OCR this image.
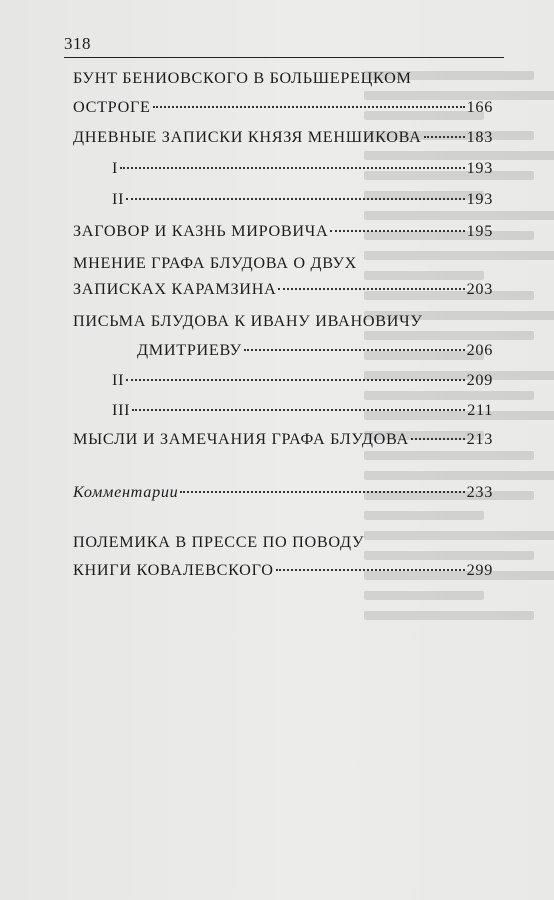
318
БУНТ БЕНИОВСКОГО В БОЛЬШЕРЕЦКОМ
ОСТРОГЕ	166
ДНЕВНЫЕ ЗАПИСКИ КНЯЗЯ МЕНШИКОВА	183
I	193
II	193
ЗАГОВОР И КАЗНЬ МИРОВИЧА	195
МНЕНИЕ ГРАФА БЛУДОВА О ДВУХ
ЗАПИСКАХ КАРАМЗИНА	203
ПИСЬМА БЛУДОВА К ИВАНУ ИВАНОВИЧУ
ДМИТРИЕВУ	206
II	209
III	211
МЫСЛИ И ЗАМЕЧАНИЯ ГРАФА БЛУДОВА	213
Комментарии	233
ПОЛЕМИКА В ПРЕССЕ ПО ПОВОДУ
КНИГИ КОВАЛЕВСКОГО	299
